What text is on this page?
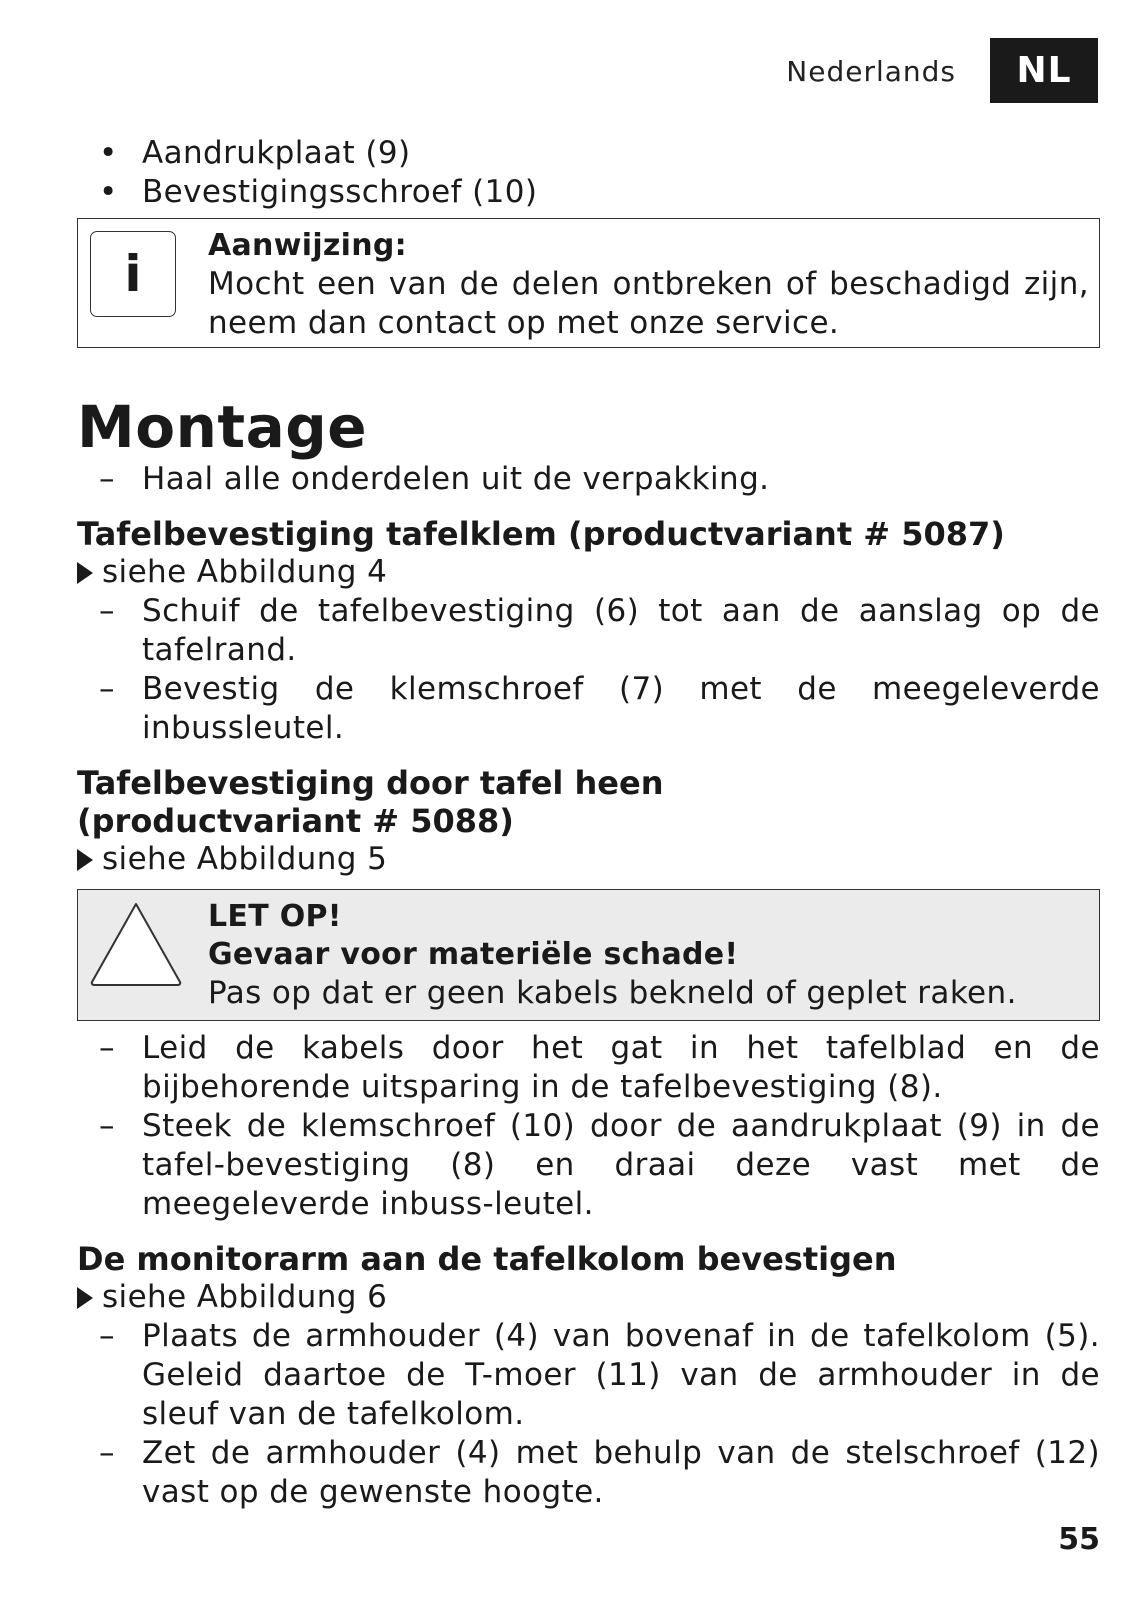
Nederlands	NL
• Aandrukplaat (9)
• Bevestigingsschroef (10)
i	Aanwijzing:
Mocht een van de delen ontbreken of beschadigd zijn, neem dan contact op met onze service.
Montage
– Haal alle onderdelen uit de verpakking.
Tafelbevestiging tafelklem (productvariant # 5087)
siehe Abbildung 4
– Schuif de tafelbevestiging (6) tot aan de aanslag op de tafelrand.
– Bevestig de klemschroef (7) met de meegeleverde inbussleutel.
Tafelbevestiging door tafel heen
(productvariant # 5088)
siehe Abbildung 5
LET OP!
Gevaar voor materiële schade!
Pas op dat er geen kabels bekneld of geplet raken.
– Leid de kabels door het gat in het tafelblad en de bijbehorende uitsparing in de tafelbevestiging (8).
– Steek de klemschroef (10) door de aandrukplaat (9) in de tafel-bevestiging (8) en draai deze vast met de meegeleverde inbuss-leutel.
De monitorarm aan de tafelkolom bevestigen
siehe Abbildung 6
– Plaats de armhouder (4) van bovenaf in de tafelkolom (5). Geleid daartoe de T-moer (11) van de armhouder in de sleuf van de tafelkolom.
– Zet de armhouder (4) met behulp van de stelschroef (12) vast op de gewenste hoogte.
55
